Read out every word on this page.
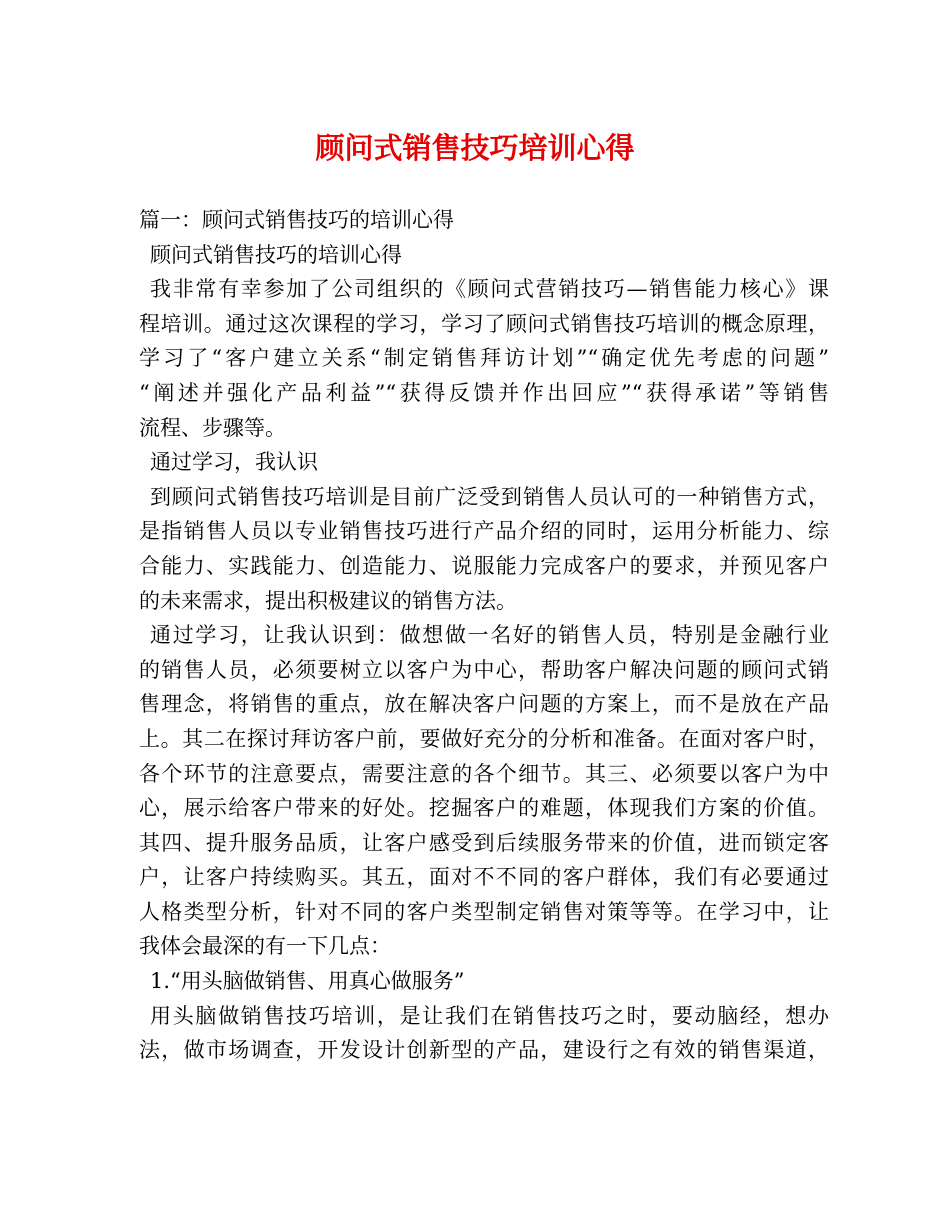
顾问式销售技巧培训心得
篇一：顾问式销售技巧的培训心得
顾问式销售技巧的培训心得
我非常有幸参加了公司组织的《顾问式营销技巧—销售能力核心》课
程培训。通过这次课程的学习，学习了顾问式销售技巧培训的概念原理，
学习了“客户建立关系“制定销售拜访计划”“确定优先考虑的问题”
“阐述并强化产品利益”“获得反馈并作出回应”“获得承诺”等销售
流程、步骤等。
通过学习，我认识
到顾问式销售技巧培训是目前广泛受到销售人员认可的一种销售方式，
是指销售人员以专业销售技巧进行产品介绍的同时，运用分析能力、综
合能力、实践能力、创造能力、说服能力完成客户的要求，并预见客户
的未来需求，提出积极建议的销售方法。
通过学习，让我认识到：做想做一名好的销售人员，特别是金融行业
的销售人员，必须要树立以客户为中心，帮助客户解决问题的顾问式销
售理念，将销售的重点，放在解决客户问题的方案上，而不是放在产品
上。其二在探讨拜访客户前，要做好充分的分析和准备。在面对客户时，
各个环节的注意要点，需要注意的各个细节。其三、必须要以客户为中
心，展示给客户带来的好处。挖掘客户的难题，体现我们方案的价值。
其四、提升服务品质，让客户感受到后续服务带来的价值，进而锁定客
户，让客户持续购买。其五，面对不不同的客户群体，我们有必要通过
人格类型分析，针对不同的客户类型制定销售对策等等。在学习中，让
我体会最深的有一下几点：
1.“用头脑做销售、用真心做服务”
用头脑做销售技巧培训，是让我们在销售技巧之时，要动脑经，想办
法，做市场调查，开发设计创新型的产品，建设行之有效的销售渠道，
